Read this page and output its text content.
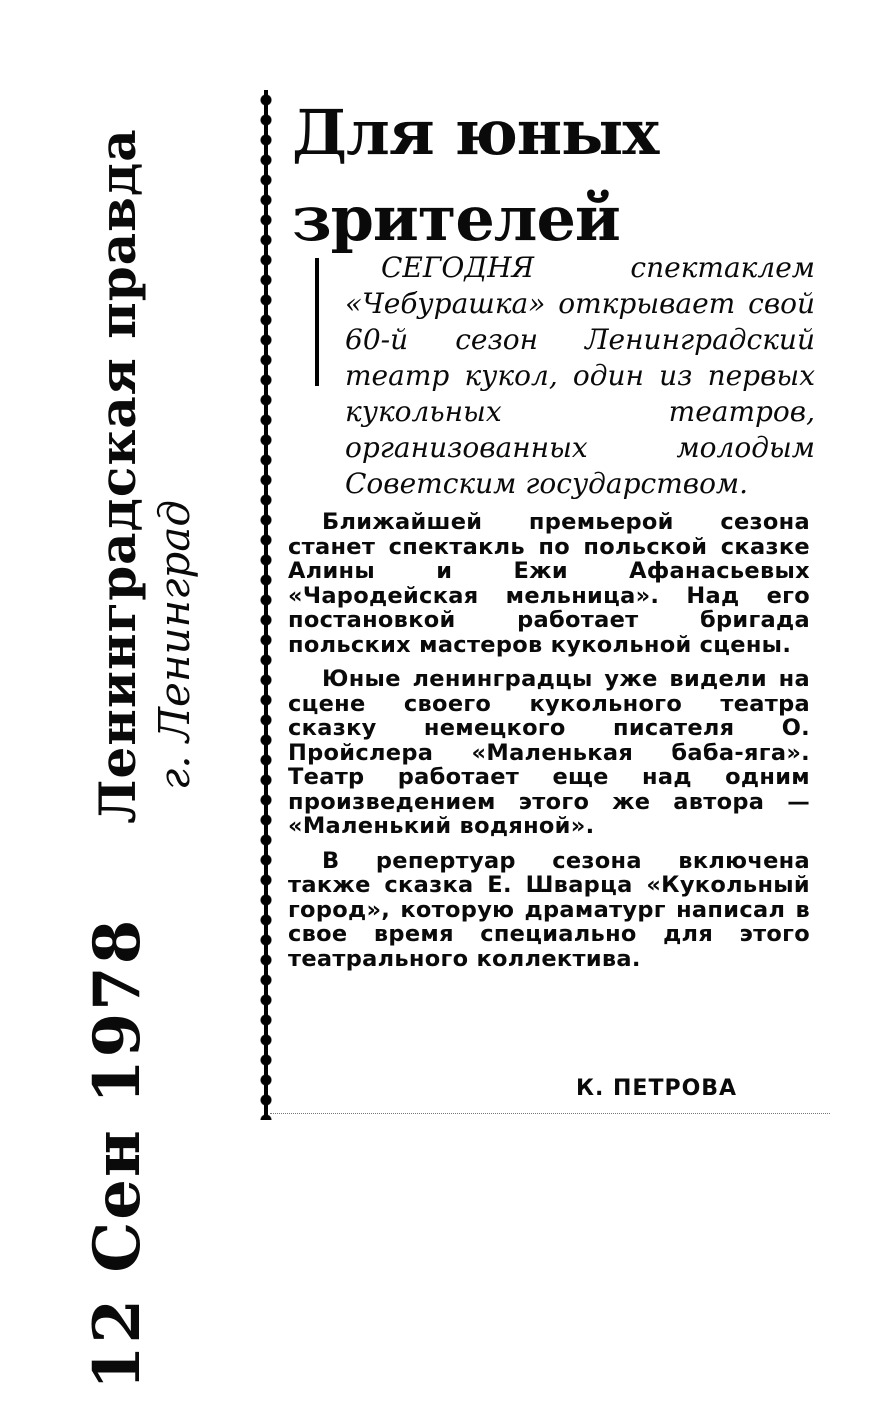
12 Сен 1978 Ленинградская правда г. Ленинград
Для юных
зрителей
СЕГОДНЯ спектаклем «Чебурашка» открывает свой 60-й сезон Ленинградский театр кукол, один из первых кукольных театров, организованных молодым Советским государством.

Ближайшей премьерой сезона станет спектакль по польской сказке Алины и Ежи Афанасьевых «Чародейская мельница». Над его постановкой работает бригада польских мастеров кукольной сцены.

Юные ленинградцы уже видели на сцене своего кукольного театра сказку немецкого писателя О. Пройслера «Маленькая баба-яга». Театр работает еще над одним произведением этого же автора — «Маленький водяной».

В репертуар сезона включена также сказка Е. Шварца «Кукольный город», которую драматург написал в свое время специально для этого театрального коллектива.

К. ПЕТРОВА
